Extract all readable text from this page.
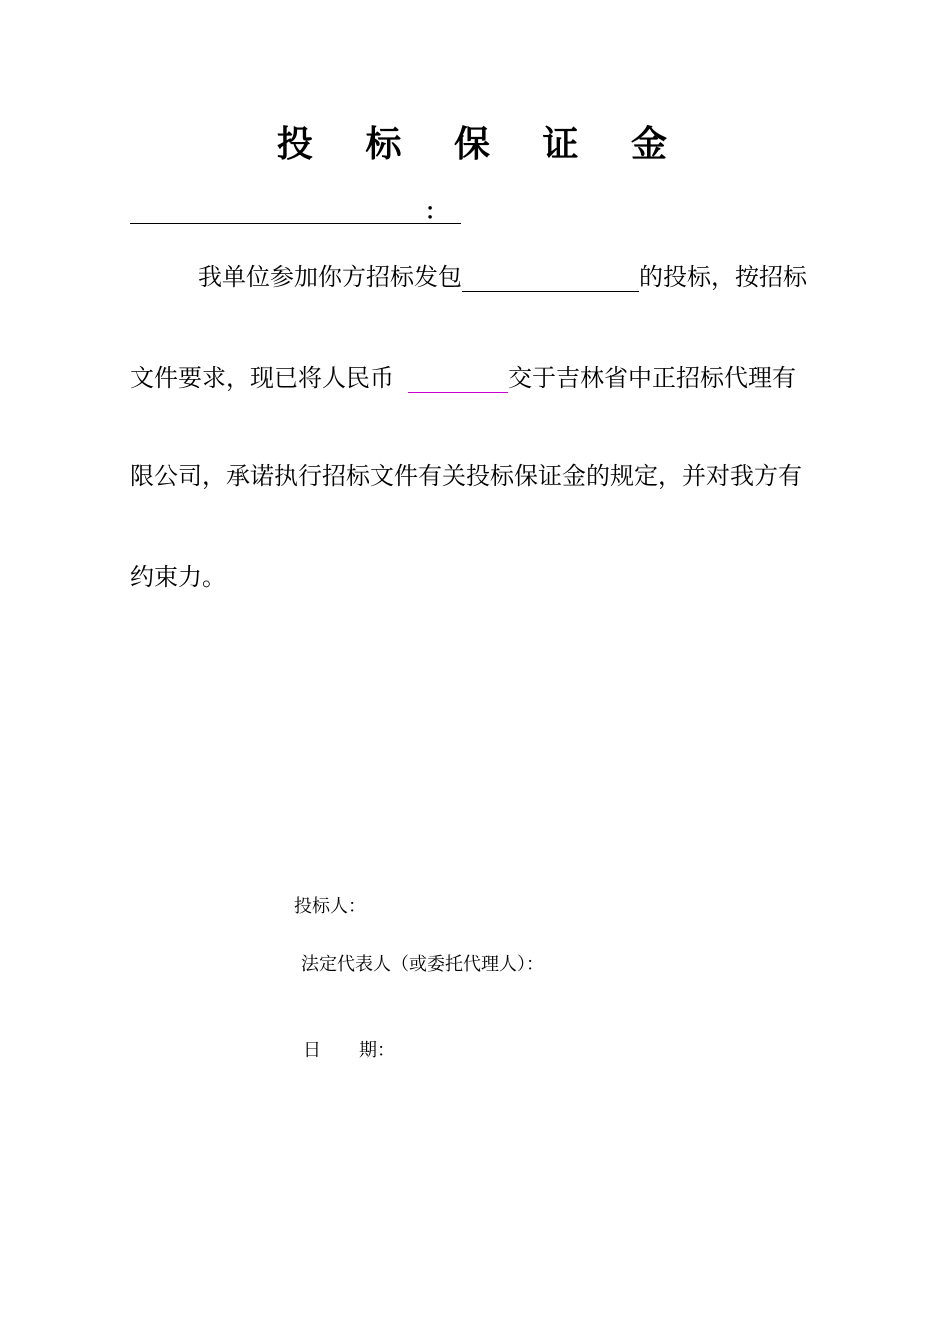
投 标 保 证 金
：
我单位参加你方招标发包	的投标，按招标
文件要求，现已将人民币	交于吉林省中正招标代理有
限公司，承诺执行招标文件有关投标保证金的规定，并对我方有
约束力。
投标人：
法定代表人（或委托代理人）：
日 期：
